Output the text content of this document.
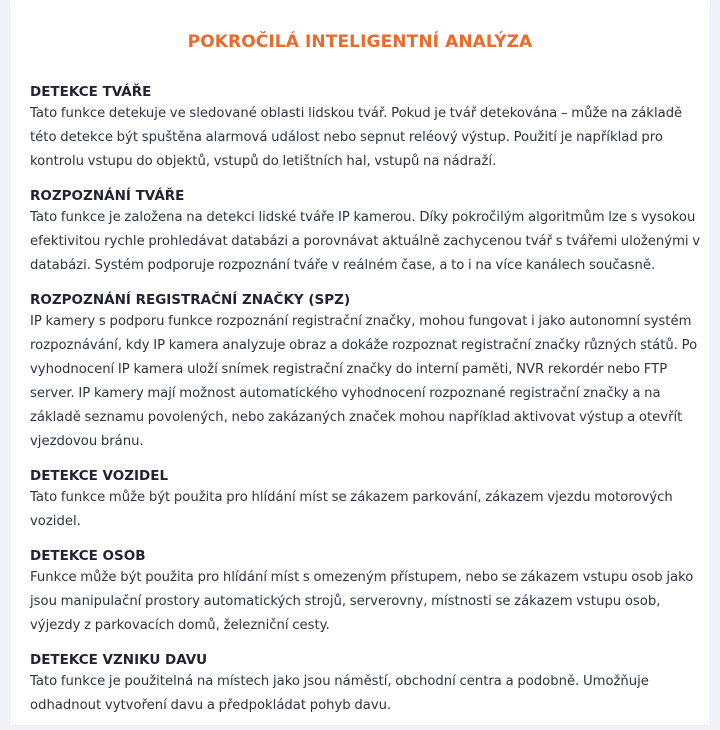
POKROČILÁ INTELIGENTNÍ ANALÝZA
DETEKCE TVÁŘE

Tato funkce detekuje ve sledované oblasti lidskou tvář. Pokud je tvář detekována – může na základě této detekce být spuštěna alarmová událost nebo sepnut reléový výstup. Použití je například pro kontrolu vstupu do objektů, vstupů do letištních hal, vstupů na nádraží.

ROZPOZNÁNÍ TVÁŘE

Tato funkce je založena na detekci lidské tváře IP kamerou. Díky pokročilým algoritmům lze s vysokou efektivitou rychle prohledávat databázi a porovnávat aktuálně zachycenou tvář s tvářemi uloženými v databázi. Systém podporuje rozpoznání tváře v reálném čase, a to i na více kanálech současně.

ROZPOZNÁNÍ REGISTRAČNÍ ZNAČKY (SPZ)

IP kamery s podporu funkce rozpoznání registrační značky, mohou fungovat i jako autonomní systém rozpoznávání, kdy IP kamera analyzuje obraz a dokáže rozpoznat registrační značky různých států. Po vyhodnocení IP kamera uloží snímek registrační značky do interní paměti, NVR rekordér nebo FTP server. IP kamery mají možnost automatického vyhodnocení rozpoznané registrační značky a na základě seznamu povolených, nebo zakázaných značek mohou například aktivovat výstup a otevřít vjezdovou bránu.

DETEKCE VOZIDEL

Tato funkce může být použita pro hlídání míst se zákazem parkování, zákazem vjezdu motorových vozidel.

DETEKCE OSOB

Funkce může být použita pro hlídání míst s omezeným přístupem, nebo se zákazem vstupu osob jako jsou manipulační prostory automatických strojů, serverovny, místnosti se zákazem vstupu osob, výjezdy z parkovacích domů, železniční cesty.

DETEKCE VZNIKU DAVU

Tato funkce je použitelná na místech jako jsou náměstí, obchodní centra a podobně. Umožňuje odhadnout vytvoření davu a předpokládat pohyb davu.
